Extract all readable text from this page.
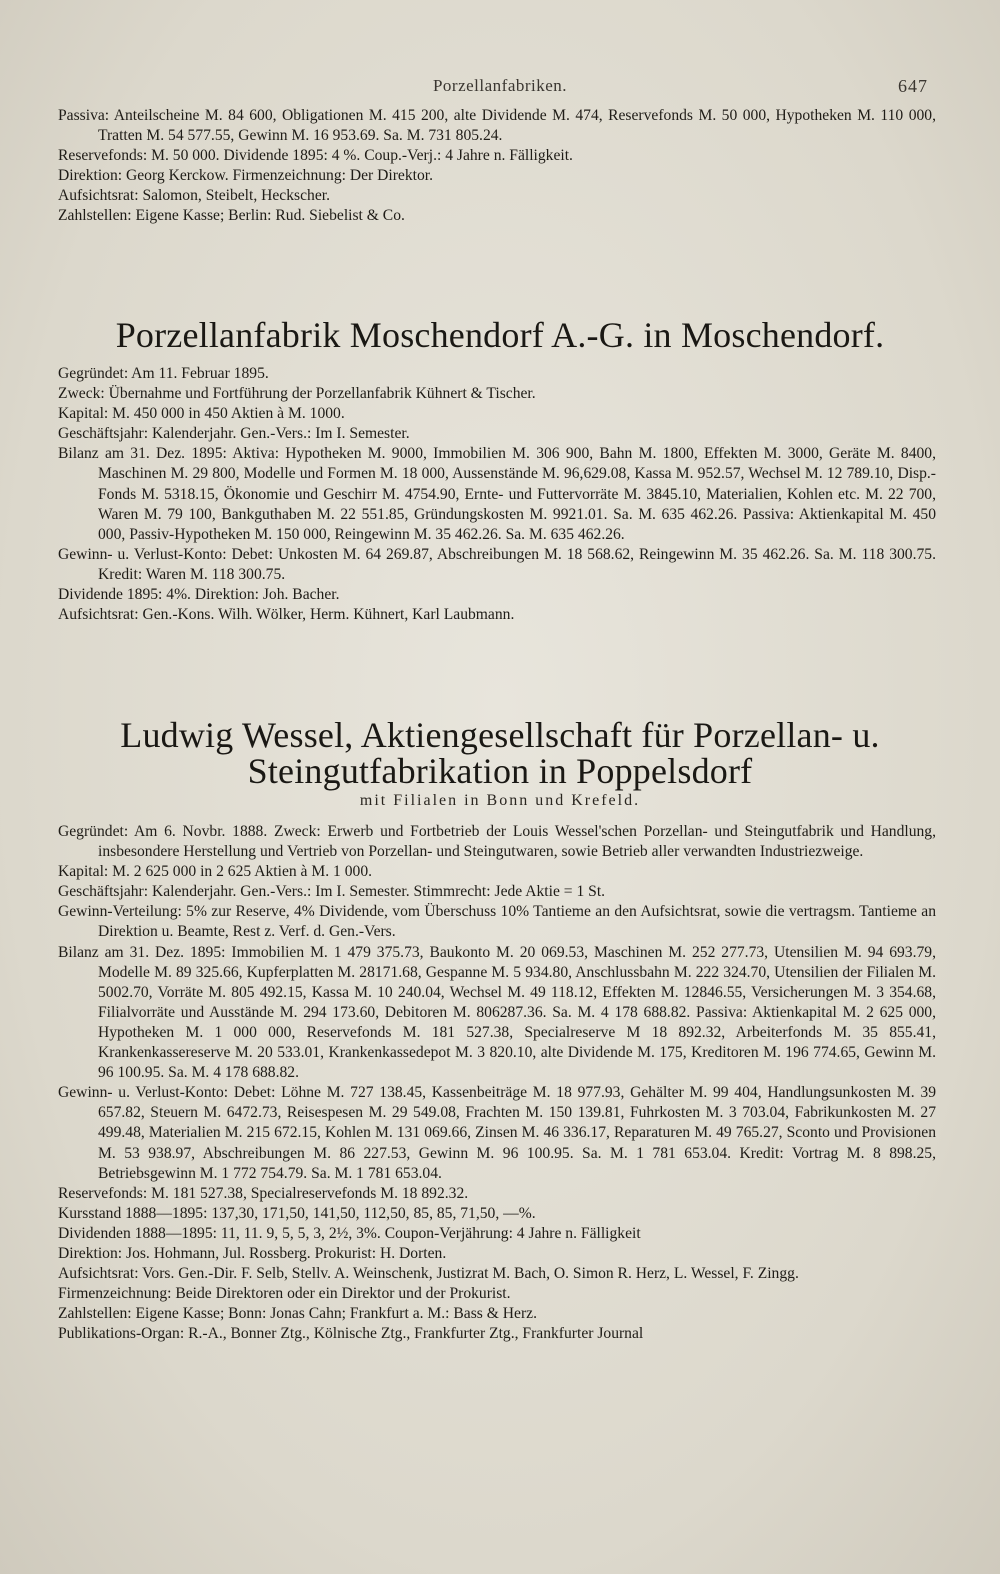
Porzellanfabriken.	647

Passiva: Anteilscheine M. 84 600, Obligationen M. 415 200, alte Dividende M. 474, Reservefonds M. 50 000, Hypotheken M. 110 000, Tratten M. 54 577.55, Gewinn M. 16 953.69. Sa. M. 731 805.24.

Reservefonds: M. 50 000. Dividende 1895: 4 %. Coup.-Verj.: 4 Jahre n. Fälligkeit.

Direktion: Georg Kerckow. Firmenzeichnung: Der Direktor.

Aufsichtsrat: Salomon, Steibelt, Heckscher.

Zahlstellen: Eigene Kasse; Berlin: Rud. Siebelist & Co.

Porzellanfabrik Moschendorf A.-G. in Moschendorf.

Gegründet: Am 11. Februar 1895.

Zweck: Übernahme und Fortführung der Porzellanfabrik Kühnert & Tischer.

Kapital: M. 450 000 in 450 Aktien à M. 1000.

Geschäftsjahr: Kalenderjahr. Gen.-Vers.: Im I. Semester.

Bilanz am 31. Dez. 1895: Aktiva: Hypotheken M. 9000, Immobilien M. 306 900, Bahn M. 1800, Effekten M. 3000, Geräte M. 8400, Maschinen M. 29 800, Modelle und Formen M. 18 000, Aussenstände M. 96,629.08, Kassa M. 952.57, Wechsel M. 12 789.10, Disp.-Fonds M. 5318.15, Ökonomie und Geschirr M. 4754.90, Ernte- und Futtervorräte M. 3845.10, Materialien, Kohlen etc. M. 22 700, Waren M. 79 100, Bankguthaben M. 22 551.85, Gründungskosten M. 9921.01. Sa. M. 635 462.26. Passiva: Aktienkapital M. 450 000, Passiv-Hypotheken M. 150 000, Reingewinn M. 35 462.26. Sa. M. 635 462.26.

Gewinn- u. Verlust-Konto: Debet: Unkosten M. 64 269.87, Abschreibungen M. 18 568.62, Reingewinn M. 35 462.26. Sa. M. 118 300.75. Kredit: Waren M. 118 300.75.

Dividende 1895: 4%. Direktion: Joh. Bacher.

Aufsichtsrat: Gen.-Kons. Wilh. Wölker, Herm. Kühnert, Karl Laubmann.

Ludwig Wessel, Aktiengesellschaft für Porzellan- u.
Steingutfabrikation in Poppelsdorf
mit Filialen in Bonn und Krefeld.

Gegründet: Am 6. Novbr. 1888. Zweck: Erwerb und Fortbetrieb der Louis Wessel'schen Porzellan- und Steingutfabrik und Handlung, insbesondere Herstellung und Vertrieb von Porzellan- und Steingutwaren, sowie Betrieb aller verwandten Industriezweige.

Kapital: M. 2 625 000 in 2 625 Aktien à M. 1 000.

Geschäftsjahr: Kalenderjahr. Gen.-Vers.: Im I. Semester. Stimmrecht: Jede Aktie = 1 St.

Gewinn-Verteilung: 5% zur Reserve, 4% Dividende, vom Überschuss 10% Tantieme an den Aufsichtsrat, sowie die vertragsm. Tantieme an Direktion u. Beamte, Rest z. Verf. d. Gen.-Vers.

Bilanz am 31. Dez. 1895: Immobilien M. 1 479 375.73, Baukonto M. 20 069.53, Maschinen M. 252 277.73, Utensilien M. 94 693.79, Modelle M. 89 325.66, Kupferplatten M. 28171.68, Gespanne M. 5 934.80, Anschlussbahn M. 222 324.70, Utensilien der Filialen M. 5002.70, Vorräte M. 805 492.15, Kassa M. 10 240.04, Wechsel M. 49 118.12, Effekten M. 12846.55, Versicherungen M. 3 354.68, Filialvorräte und Ausstände M. 294 173.60, Debitoren M. 806287.36. Sa. M. 4 178 688.82. Passiva: Aktienkapital M. 2 625 000, Hypotheken M. 1 000 000, Reservefonds M. 181 527.38, Specialreserve M 18 892.32, Arbeiterfonds M. 35 855.41, Krankenkassereserve M. 20 533.01, Krankenkassedepot M. 3 820.10, alte Dividende M. 175, Kreditoren M. 196 774.65, Gewinn M. 96 100.95. Sa. M. 4 178 688.82.

Gewinn- u. Verlust-Konto: Debet: Löhne M. 727 138.45, Kassenbeiträge M. 18 977.93, Gehälter M. 99 404, Handlungsunkosten M. 39 657.82, Steuern M. 6472.73, Reisespesen M. 29 549.08, Frachten M. 150 139.81, Fuhrkosten M. 3 703.04, Fabrikunkosten M. 27 499.48, Materialien M. 215 672.15, Kohlen M. 131 069.66, Zinsen M. 46 336.17, Reparaturen M. 49 765.27, Sconto und Provisionen M. 53 938.97, Abschreibungen M. 86 227.53, Gewinn M. 96 100.95. Sa. M. 1 781 653.04. Kredit: Vortrag M. 8 898.25, Betriebsgewinn M. 1 772 754.79. Sa. M. 1 781 653.04.

Reservefonds: M. 181 527.38, Specialreservefonds M. 18 892.32.

Kursstand 1888—1895: 137,30, 171,50, 141,50, 112,50, 85, 85, 71,50, —%.

Dividenden 1888—1895: 11, 11. 9, 5, 5, 3, 2½, 3%. Coupon-Verjährung: 4 Jahre n. Fälligkeit

Direktion: Jos. Hohmann, Jul. Rossberg. Prokurist: H. Dorten.

Aufsichtsrat: Vors. Gen.-Dir. F. Selb, Stellv. A. Weinschenk, Justizrat M. Bach, O. Simon R. Herz, L. Wessel, F. Zingg.

Firmenzeichnung: Beide Direktoren oder ein Direktor und der Prokurist.

Zahlstellen: Eigene Kasse; Bonn: Jonas Cahn; Frankfurt a. M.: Bass & Herz.

Publikations-Organ: R.-A., Bonner Ztg., Kölnische Ztg., Frankfurter Ztg., Frankfurter Journal
